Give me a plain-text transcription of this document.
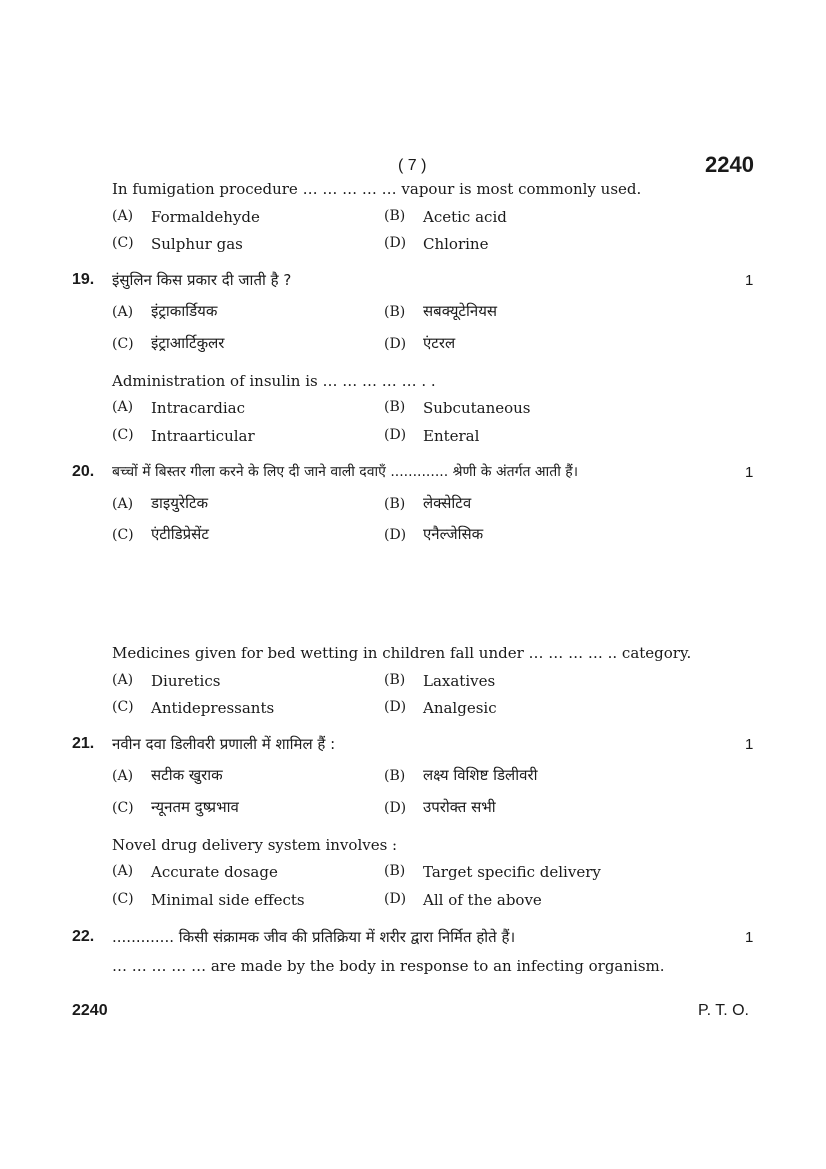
( 7 )	2240
In fumigation procedure … … … … … vapour is most commonly used.
(A) Formaldehyde	(B) Acetic acid
(C) Sulphur gas	(D) Chlorine
19. इंसुलिन किस प्रकार दी जाती है ?	1
(A) इंट्राकार्डियक	(B) सबक्यूटेनियस
(C) इंट्राआर्टिकुलर	(D) एंटरल
Administration of insulin is … … … … … . .
(A) Intracardiac	(B) Subcutaneous
(C) Intraarticular	(D) Enteral
20. बच्चों में बिस्तर गीला करने के लिए दी जाने वाली दवाएँ ............. श्रेणी के अंतर्गत आती हैं।	1
(A) डाइयुरेटिक	(B) लेक्सेटिव
(C) एंटीडिप्रेसेंट	(D) एनैल्जेसिक
Medicines given for bed wetting in children fall under … … … … .. category.
(A) Diuretics	(B) Laxatives
(C) Antidepressants	(D) Analgesic
21. नवीन दवा डिलीवरी प्रणाली में शामिल हैं :	1
(A) सटीक खुराक	(B) लक्ष्य विशिष्ट डिलीवरी
(C) न्यूनतम दुष्प्रभाव	(D) उपरोक्त सभी
Novel drug delivery system involves :
(A) Accurate dosage	(B) Target specific delivery
(C) Minimal side effects	(D) All of the above
22. ............. किसी संक्रामक जीव की प्रतिक्रिया में शरीर द्वारा निर्मित होते हैं।	1
… … … … … are made by the body in response to an infecting organism.
2240	P. T. O.
